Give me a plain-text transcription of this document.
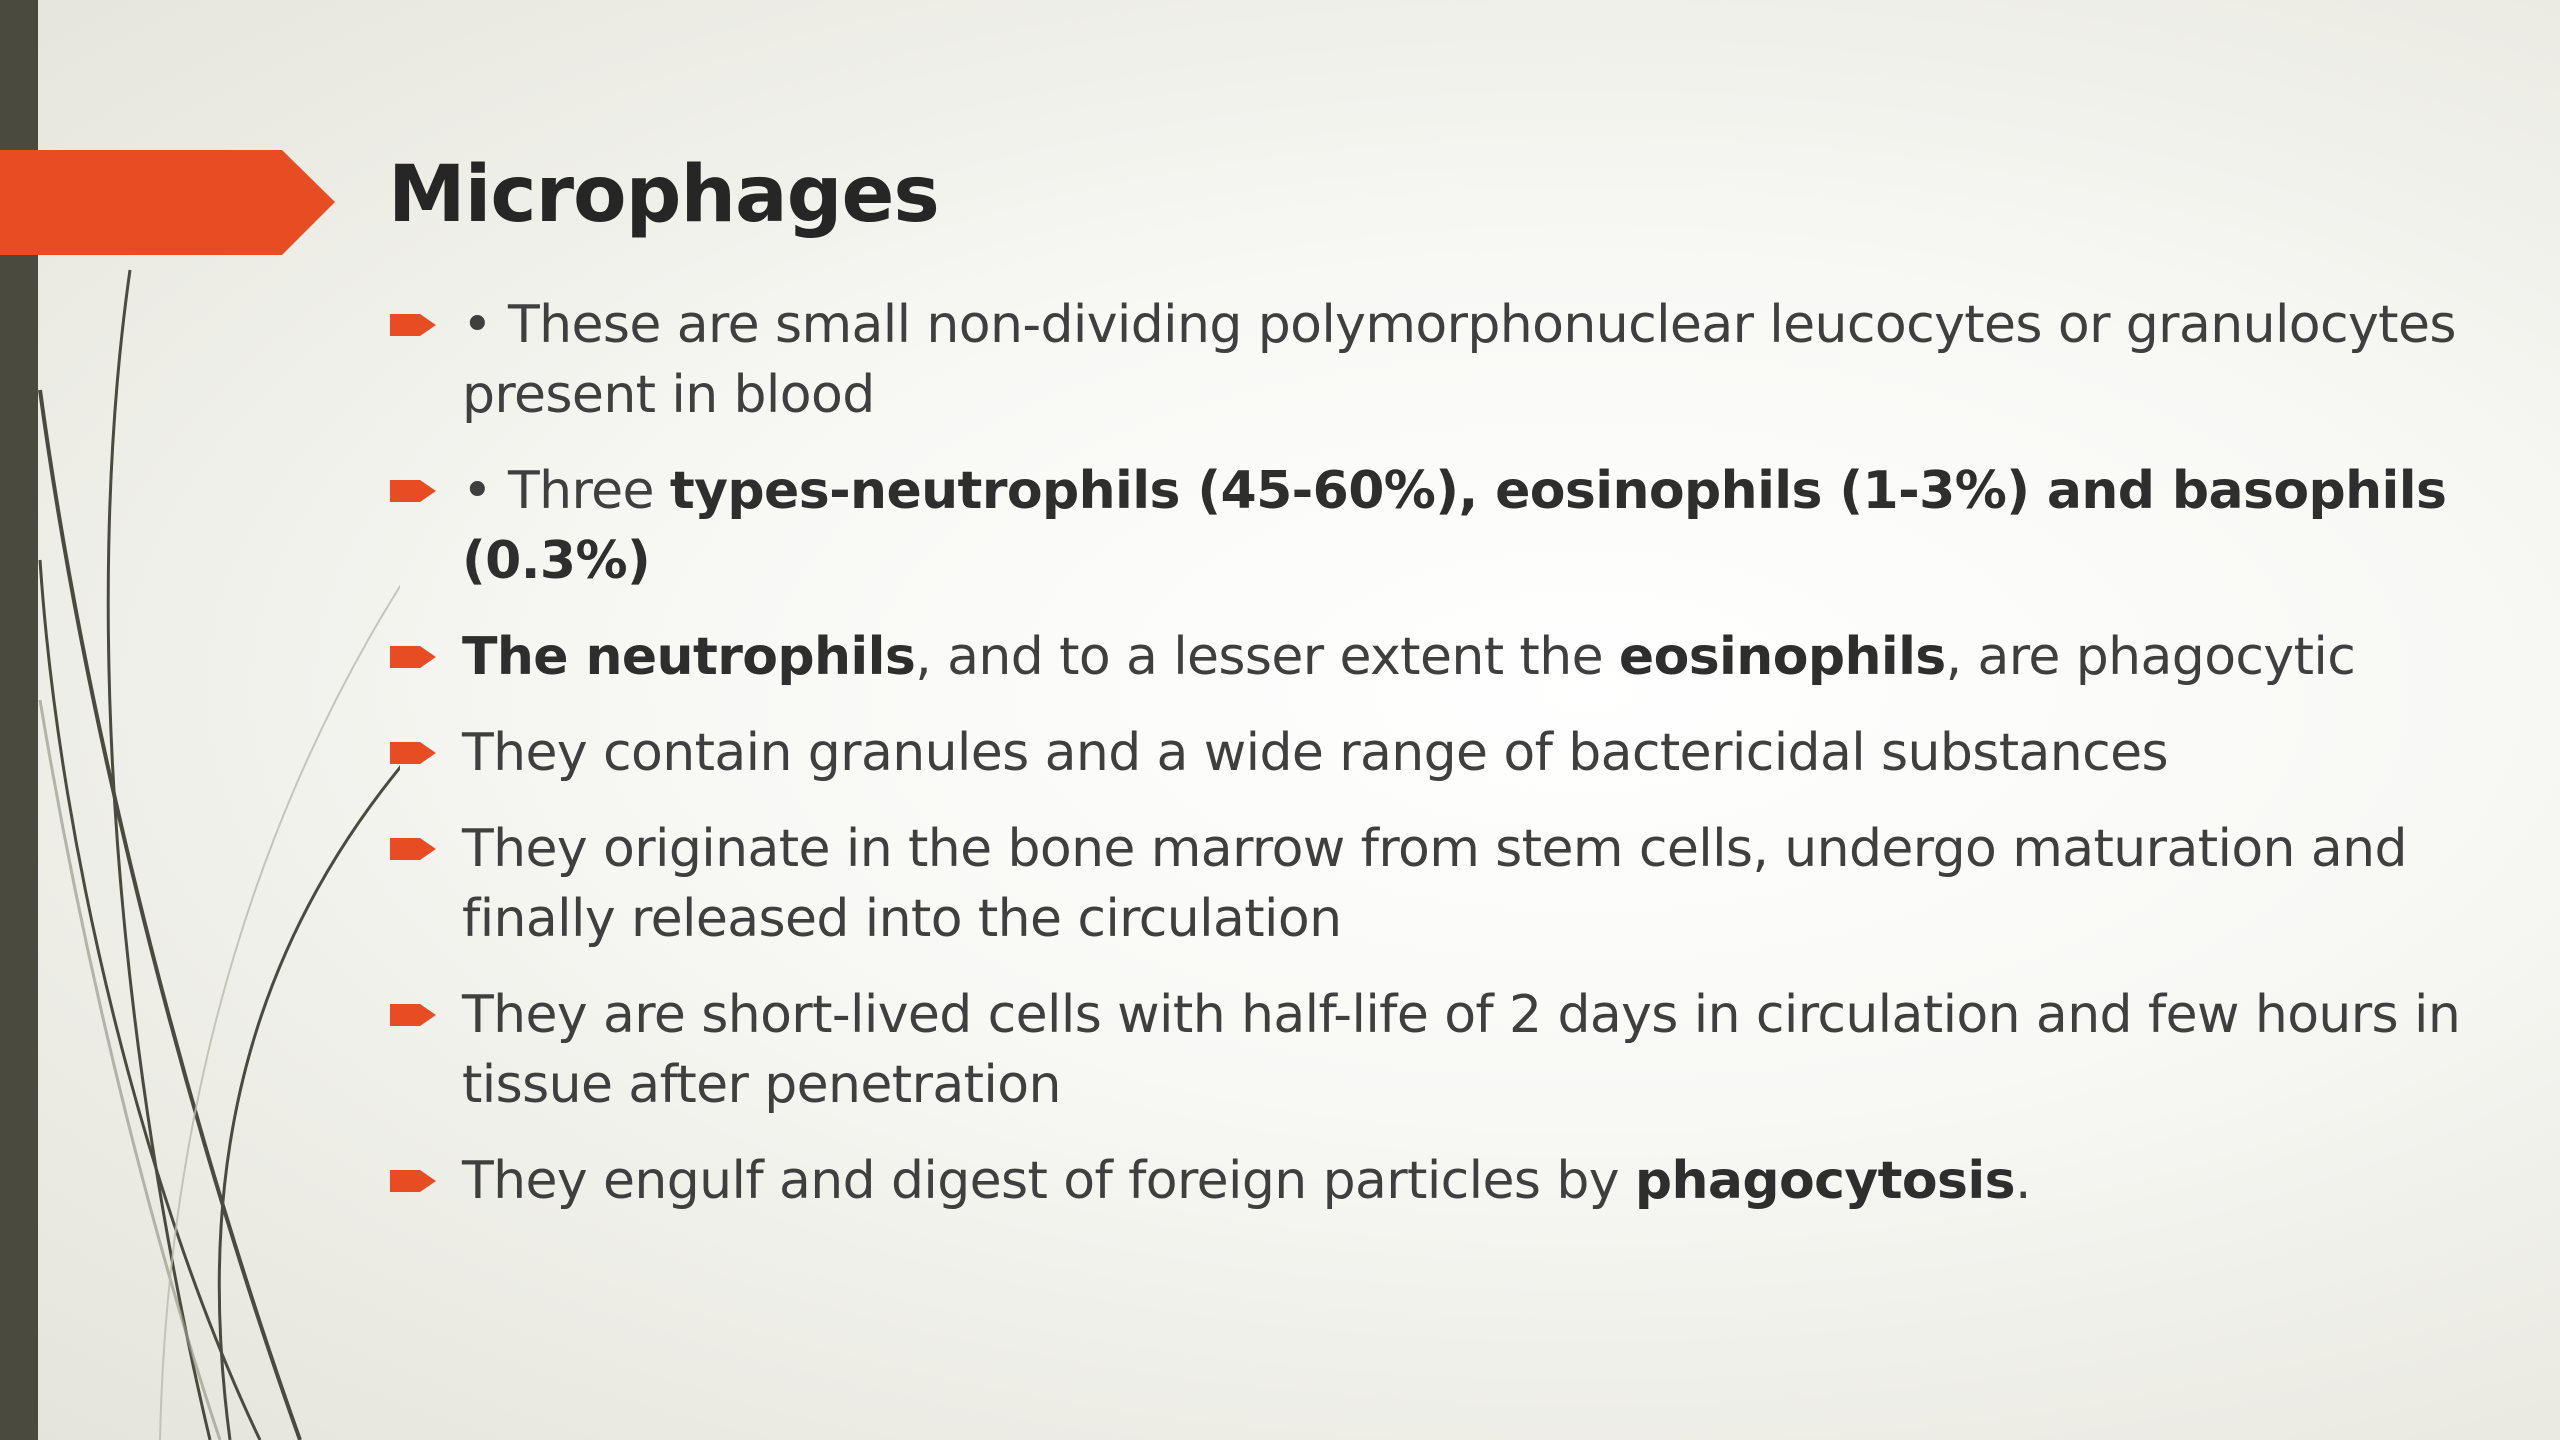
Microphages
• These are small non-dividing polymorphonuclear leucocytes or granulocytes present in blood
• Three types-neutrophils (45-60%), eosinophils (1-3%) and basophils (0.3%)
The neutrophils, and to a lesser extent the eosinophils, are phagocytic
They contain granules and a wide range of bactericidal substances
They originate in the bone marrow from stem cells, undergo maturation and finally released into the circulation
They are short-lived cells with half-life of 2 days in circulation and few hours in tissue after penetration
They engulf and digest of foreign particles by phagocytosis.
